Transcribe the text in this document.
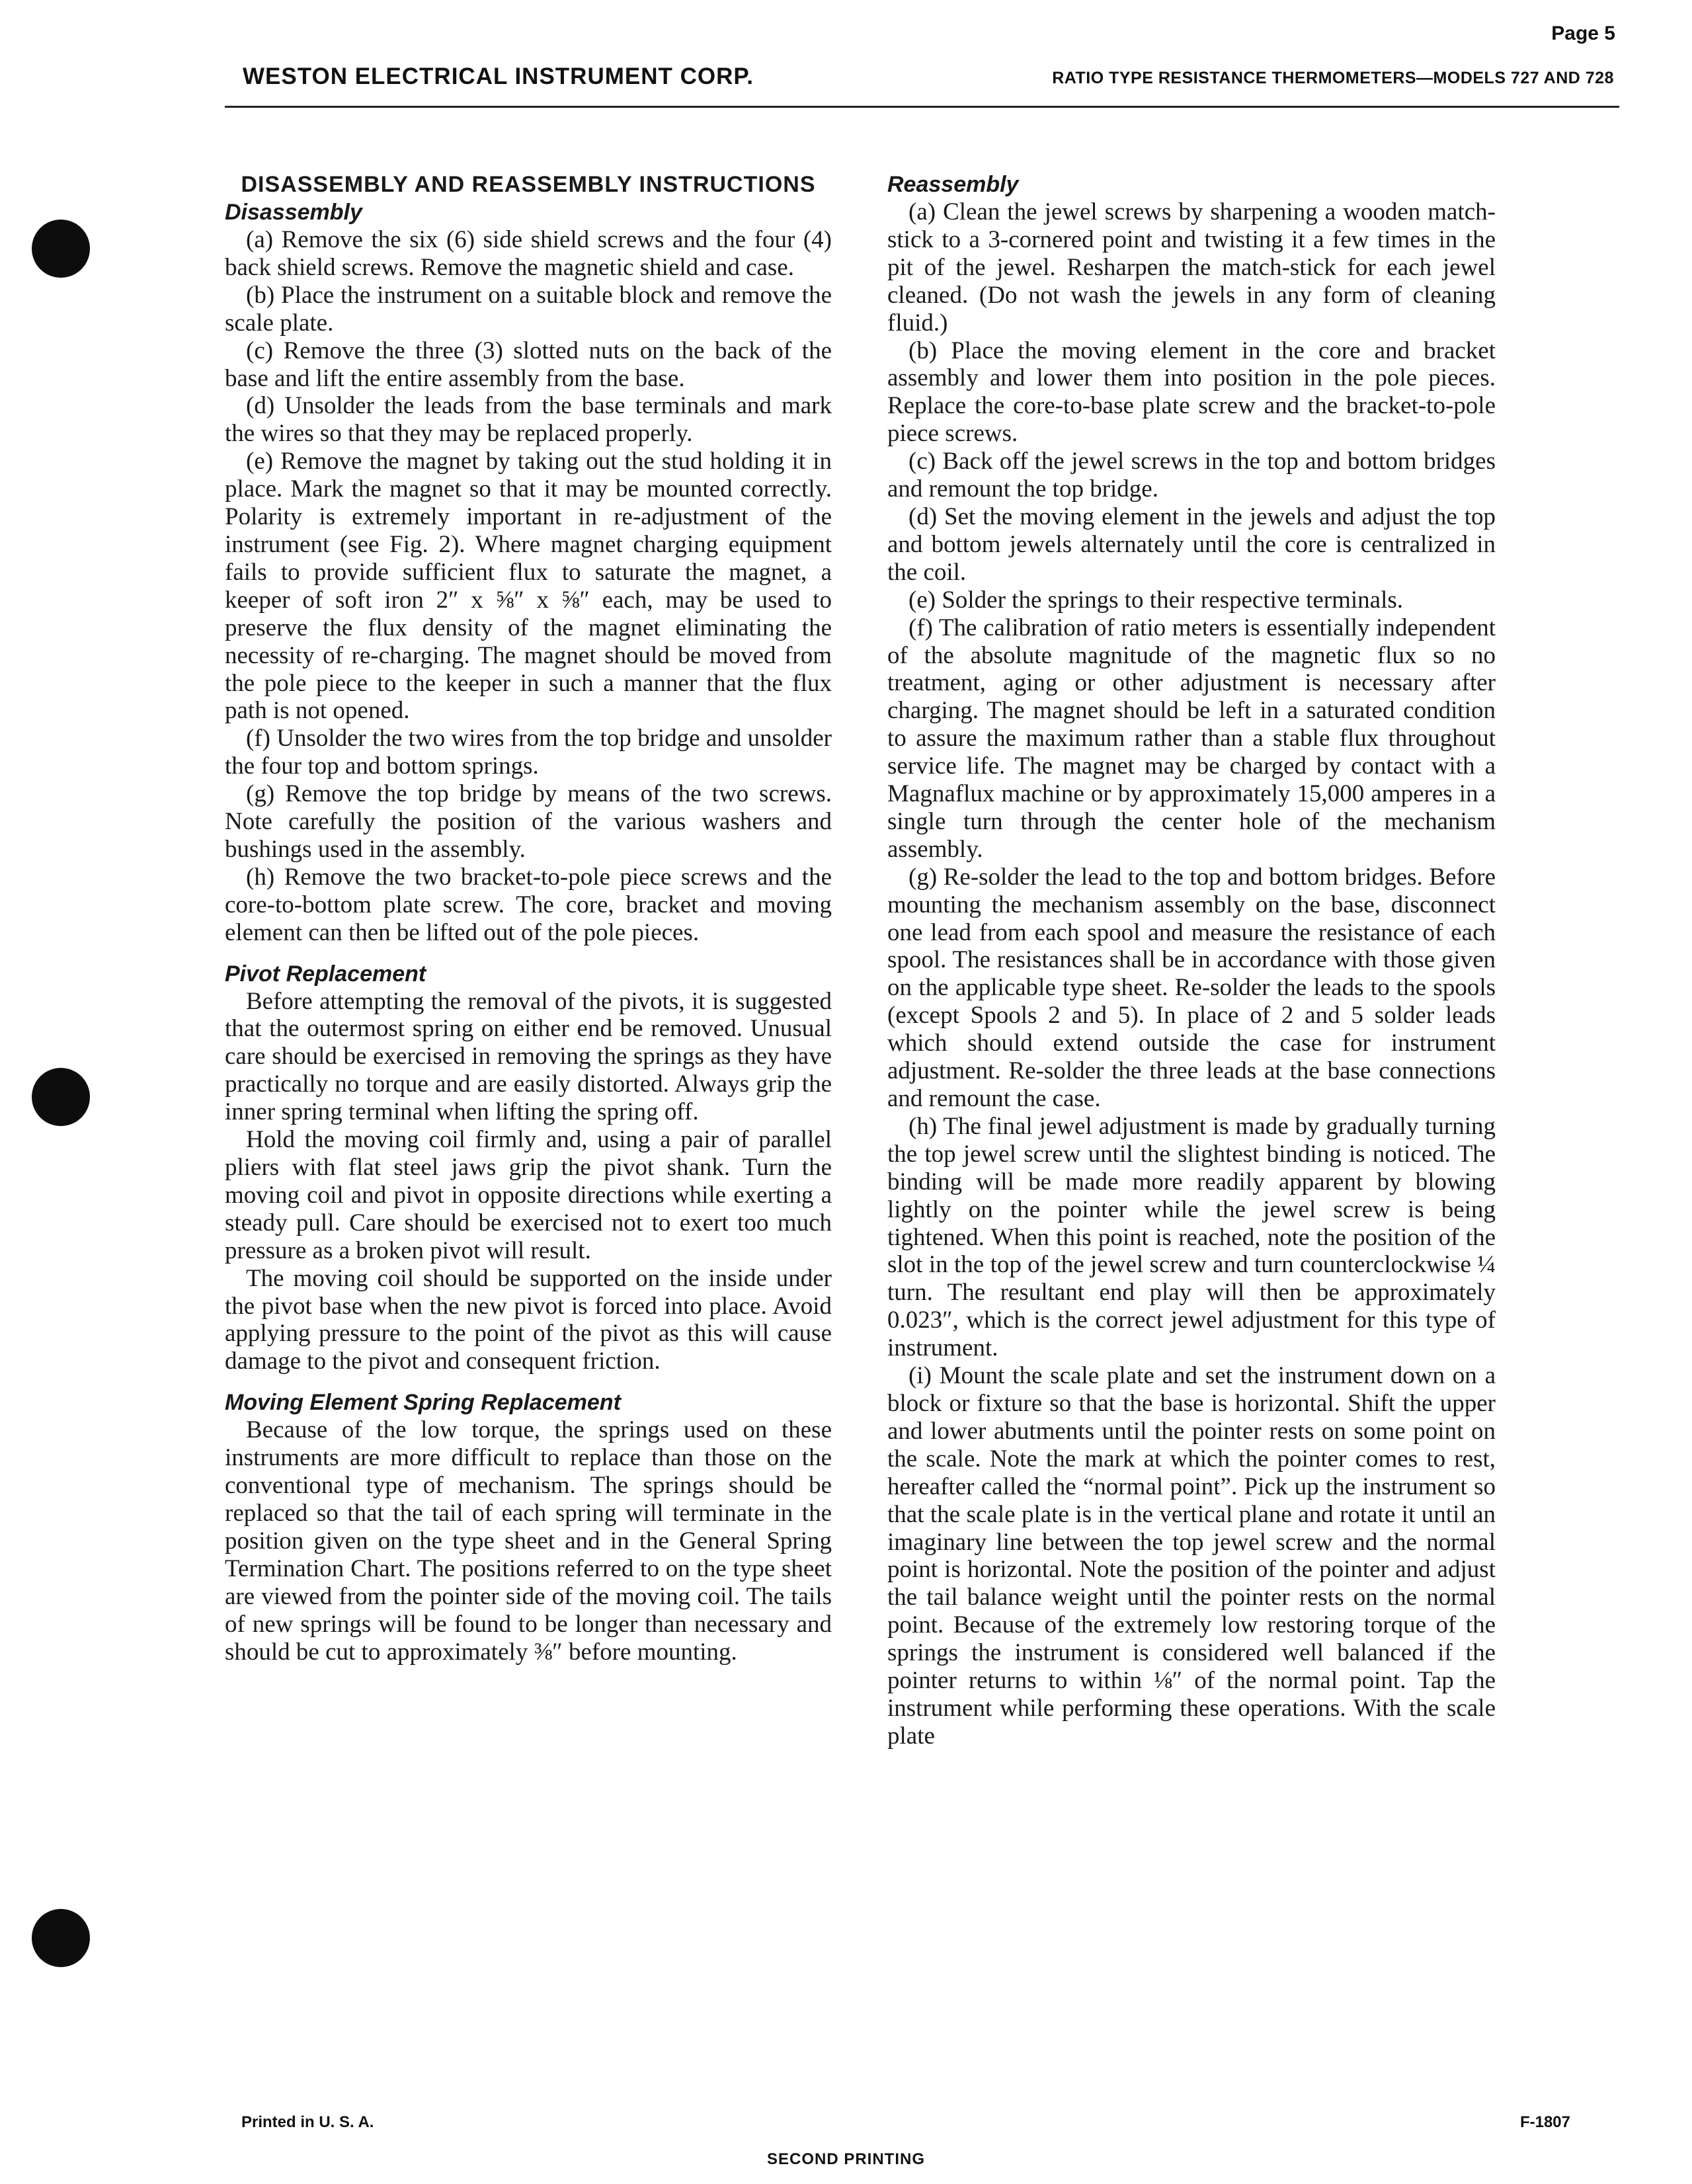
Page 5
WESTON ELECTRICAL INSTRUMENT CORP.	RATIO TYPE RESISTANCE THERMOMETERS—MODELS 727 AND 728
DISASSEMBLY AND REASSEMBLY INSTRUCTIONS
Disassembly

(a) Remove the six (6) side shield screws and the four (4) back shield screws. Remove the magnetic shield and case.

(b) Place the instrument on a suitable block and remove the scale plate.

(c) Remove the three (3) slotted nuts on the back of the base and lift the entire assembly from the base.

(d) Unsolder the leads from the base terminals and mark the wires so that they may be replaced properly.

(e) Remove the magnet by taking out the stud holding it in place. Mark the magnet so that it may be mounted correctly. Polarity is extremely important in re-adjustment of the instrument (see Fig. 2). Where magnet charging equipment fails to provide sufficient flux to saturate the magnet, a keeper of soft iron 2″ x ⅝″ x ⅝″ each, may be used to preserve the flux density of the magnet eliminating the necessity of re-charging. The magnet should be moved from the pole piece to the keeper in such a manner that the flux path is not opened.

(f) Unsolder the two wires from the top bridge and unsolder the four top and bottom springs.

(g) Remove the top bridge by means of the two screws. Note carefully the position of the various washers and bushings used in the assembly.

(h) Remove the two bracket-to-pole piece screws and the core-to-bottom plate screw. The core, bracket and moving element can then be lifted out of the pole pieces.

Pivot Replacement

Before attempting the removal of the pivots, it is suggested that the outermost spring on either end be removed. Unusual care should be exercised in removing the springs as they have practically no torque and are easily distorted. Always grip the inner spring terminal when lifting the spring off.

Hold the moving coil firmly and, using a pair of parallel pliers with flat steel jaws grip the pivot shank. Turn the moving coil and pivot in opposite directions while exerting a steady pull. Care should be exercised not to exert too much pressure as a broken pivot will result.

The moving coil should be supported on the inside under the pivot base when the new pivot is forced into place. Avoid applying pressure to the point of the pivot as this will cause damage to the pivot and consequent friction.

Moving Element Spring Replacement

Because of the low torque, the springs used on these instruments are more difficult to replace than those on the conventional type of mechanism. The springs should be replaced so that the tail of each spring will terminate in the position given on the type sheet and in the General Spring Termination Chart. The positions referred to on the type sheet are viewed from the pointer side of the moving coil. The tails of new springs will be found to be longer than necessary and should be cut to approximately ⅜″ before mounting.

Reassembly

(a) Clean the jewel screws by sharpening a wooden match-stick to a 3-cornered point and twisting it a few times in the pit of the jewel. Resharpen the match-stick for each jewel cleaned. (Do not wash the jewels in any form of cleaning fluid.)

(b) Place the moving element in the core and bracket assembly and lower them into position in the pole pieces. Replace the core-to-base plate screw and the bracket-to-pole piece screws.

(c) Back off the jewel screws in the top and bottom bridges and remount the top bridge.

(d) Set the moving element in the jewels and adjust the top and bottom jewels alternately until the core is centralized in the coil.

(e) Solder the springs to their respective terminals.

(f) The calibration of ratio meters is essentially independent of the absolute magnitude of the magnetic flux so no treatment, aging or other adjustment is necessary after charging. The magnet should be left in a saturated condition to assure the maximum rather than a stable flux throughout service life. The magnet may be charged by contact with a Magnaflux machine or by approximately 15,000 amperes in a single turn through the center hole of the mechanism assembly.

(g) Re-solder the lead to the top and bottom bridges. Before mounting the mechanism assembly on the base, disconnect one lead from each spool and measure the resistance of each spool. The resistances shall be in accordance with those given on the applicable type sheet. Re-solder the leads to the spools (except Spools 2 and 5). In place of 2 and 5 solder leads which should extend outside the case for instrument adjustment. Re-solder the three leads at the base connections and remount the case.

(h) The final jewel adjustment is made by gradually turning the top jewel screw until the slightest binding is noticed. The binding will be made more readily apparent by blowing lightly on the pointer while the jewel screw is being tightened. When this point is reached, note the position of the slot in the top of the jewel screw and turn counterclockwise ¼ turn. The resultant end play will then be approximately 0.023″, which is the correct jewel adjustment for this type of instrument.

(i) Mount the scale plate and set the instrument down on a block or fixture so that the base is horizontal. Shift the upper and lower abutments until the pointer rests on some point on the scale. Note the mark at which the pointer comes to rest, hereafter called the “normal point”. Pick up the instrument so that the scale plate is in the vertical plane and rotate it until an imaginary line between the top jewel screw and the normal point is horizontal. Note the position of the pointer and adjust the tail balance weight until the pointer rests on the normal point. Because of the extremely low restoring torque of the springs the instrument is considered well balanced if the pointer returns to within ⅛″ of the normal point. Tap the instrument while performing these operations. With the scale plate

Printed in U. S. A.	F-1807
SECOND PRINTING
